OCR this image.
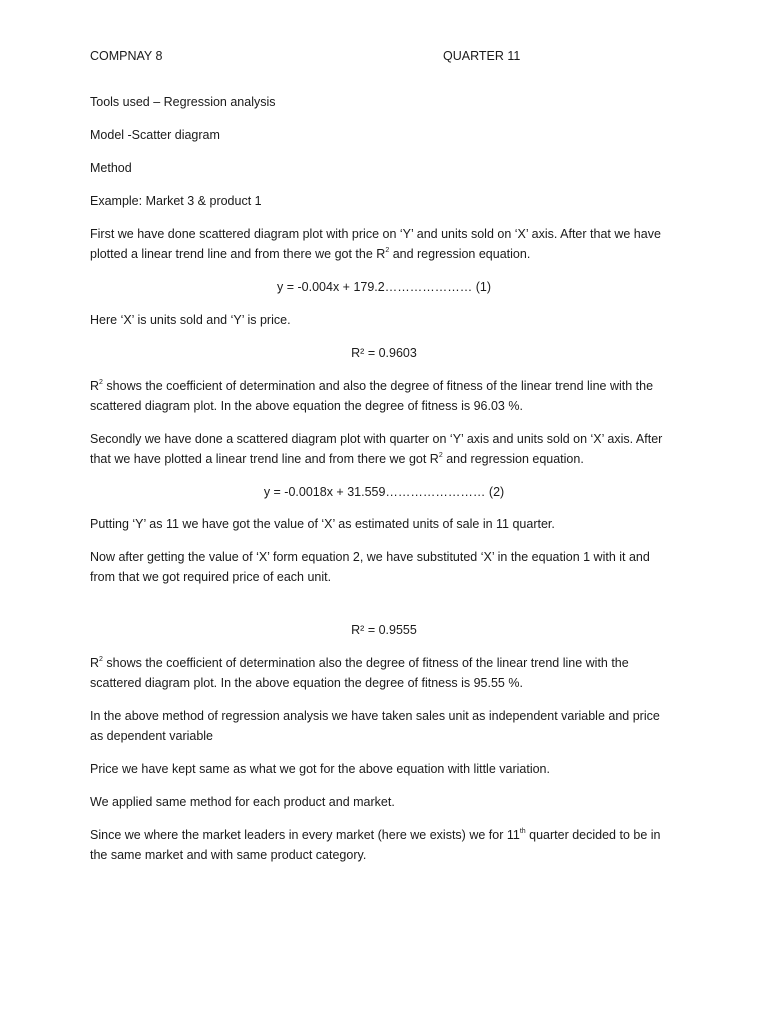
COMPNAY 8	QUARTER 11
Tools used – Regression analysis
Model -Scatter diagram
Method
Example: Market 3 & product 1
First we have done scattered diagram plot with price on ‘Y’ and units sold on ‘X’ axis. After that we have
plotted a linear trend line and from there we got the $R^2$ and regression equation.
y = -0.004x + 179.2………………… (1)
Here ‘X’ is units sold and ‘Y’ is price.
R² = 0.9603
$R^2$ shows the coefficient of determination and also the degree of fitness of the linear trend line with the
scattered diagram plot. In the above equation the degree of fitness is 96.03 %.
Secondly we have done a scattered diagram plot with quarter on ‘Y’ axis and units sold on ‘X’ axis. After
that we have plotted a linear trend line and from there we got $R^2$ and regression equation.
y = -0.0018x + 31.559…………………… (2)
Putting ‘Y’ as 11 we have got the value of ‘X’ as estimated units of sale in 11 quarter.
Now after getting the value of ‘X’ form equation 2, we have substituted ‘X’ in the equation 1 with it and
from that we got required price of each unit.
R² = 0.9555
$R^2$ shows the coefficient of determination also the degree of fitness of the linear trend line with the
scattered diagram plot. In the above equation the degree of fitness is 95.55 %.
In the above method of regression analysis we have taken sales unit as independent variable and price
as dependent variable
Price we have kept same as what we got for the above equation with little variation.
We applied same method for each product and market.
Since we where the market leaders in every market (here we exists) we for 11th quarter decided to be in
the same market and with same product category.
